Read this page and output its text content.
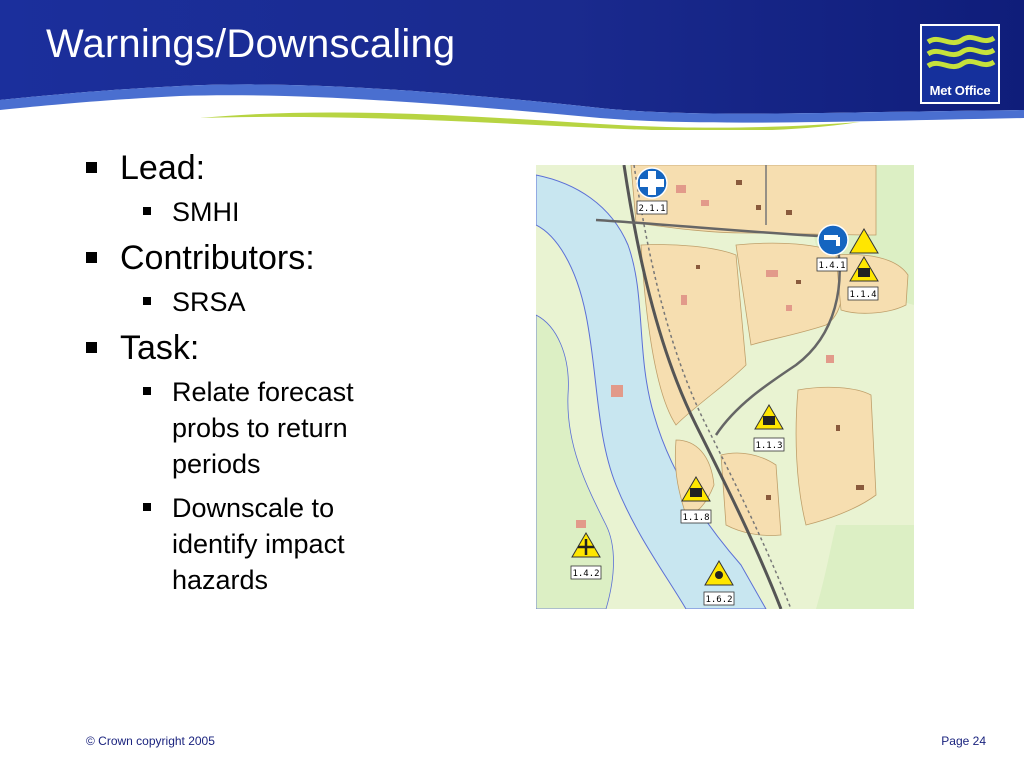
Warnings/Downscaling
Met Office
Lead:
SMHI
Contributors:
SRSA
Task:
Relate forecast probs to return periods
Downscale to identify impact hazards
2.1.1
1.4.1
1.1.4
1.1.3
1.1.8
1.4.2
1.6.2
© Crown copyright 2005	Page 24
